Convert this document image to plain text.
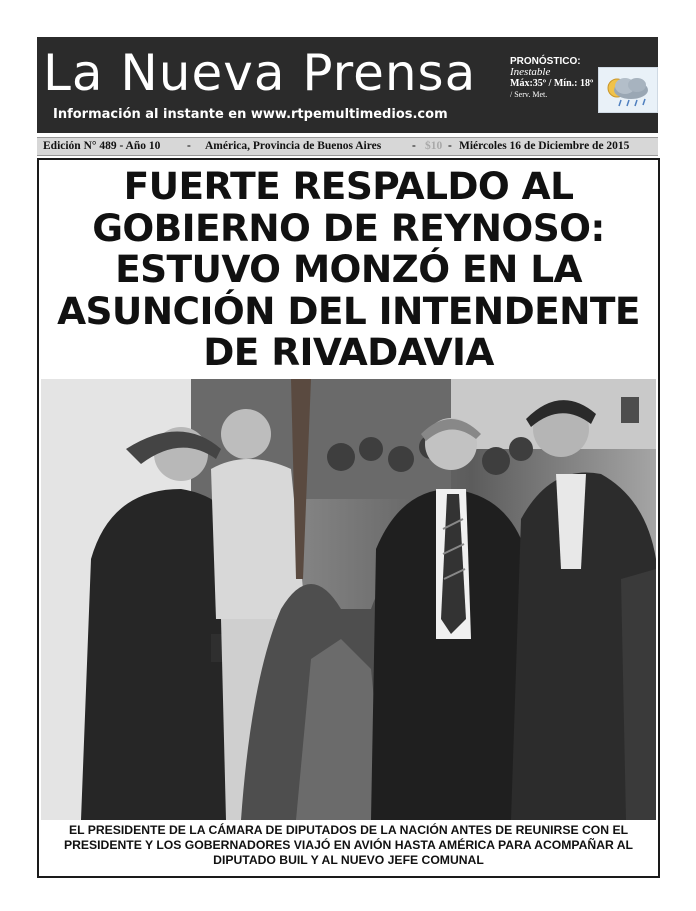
La Nueva Prensa
Información al instante en www.rtpemultimedios.com
PRONÓSTICO:
Inestable
Máx:35º / Mín.: 18º
/ Serv. Met.
Edición N° 489 - Año 10 - América, Provincia de Buenos Aires	- $10 - Miércoles 16 de Diciembre de 2015
FUERTE RESPALDO AL GOBIERNO DE REYNOSO: ESTUVO MONZÓ EN LA ASUNCIÓN DEL INTENDENTE DE RIVADAVIA
EL PRESIDENTE DE LA CÁMARA DE DIPUTADOS DE LA NACIÓN ANTES DE REUNIRSE CON EL PRESIDENTE Y LOS GOBERNADORES VIAJÓ EN AVIÓN HASTA AMÉRICA PARA ACOMPAÑAR AL DIPUTADO BUIL Y AL NUEVO JEFE COMUNAL
